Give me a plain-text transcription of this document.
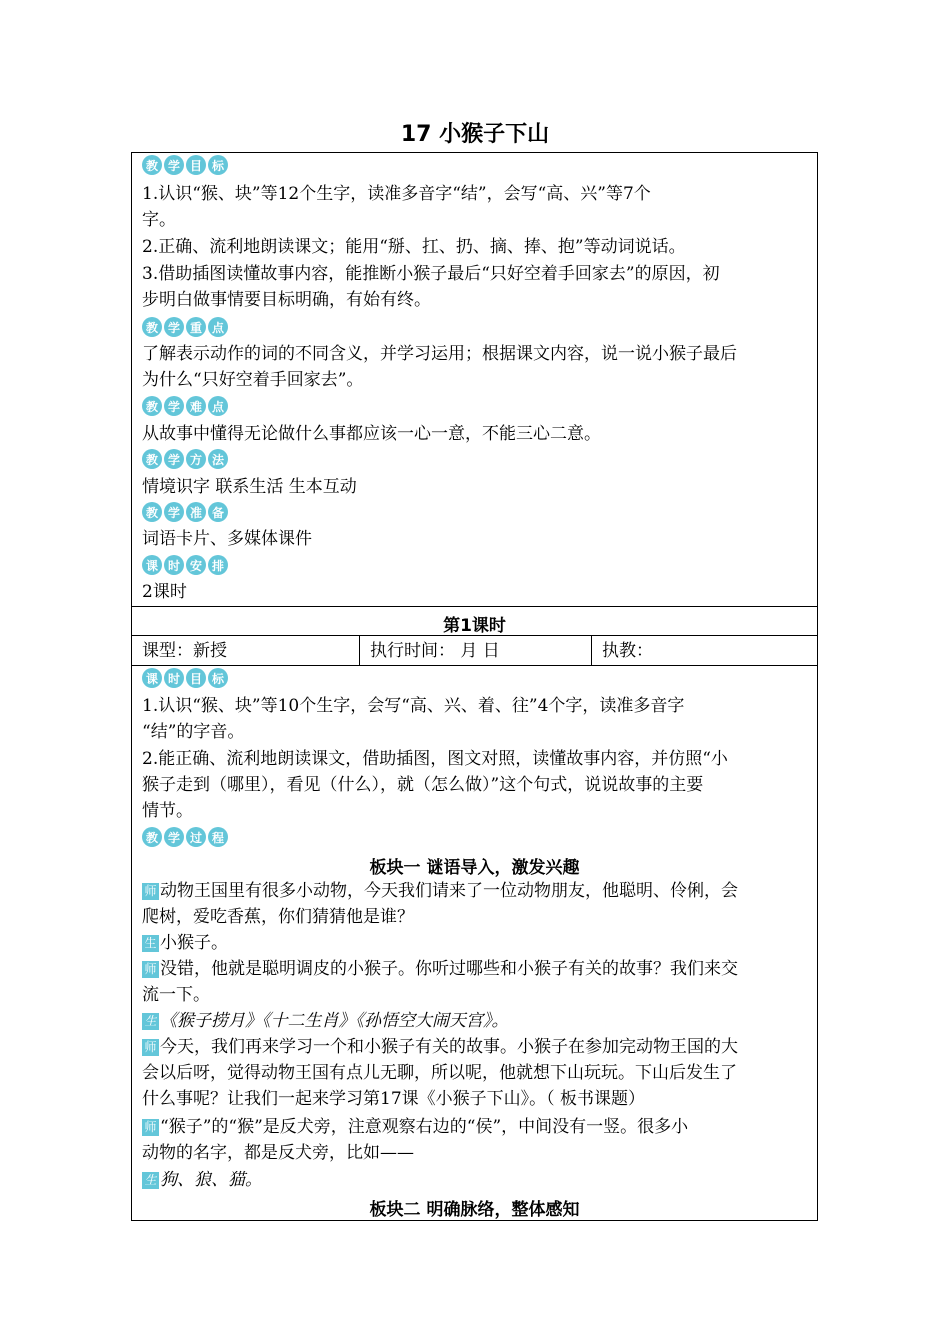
17 小猴子下山
教 学 目 标
1.认识“猴、块”等12个生字，读准多音字“结”，会写“高、兴”等7个
字。
2.正确、流利地朗读课文；能用“掰、扛、扔、摘、捧、抱”等动词说话。
3.借助插图读懂故事内容，能推断小猴子最后“只好空着手回家去”的原因，初
步明白做事情要目标明确，有始有终。
教 学 重 点
了解表示动作的词的不同含义，并学习运用；根据课文内容，说一说小猴子最后
为什么“只好空着手回家去”。
教 学 难 点
从故事中懂得无论做什么事都应该一心一意，不能三心二意。
教 学 方 法
情境识字 联系生活 生本互动
教 学 准 备
词语卡片、多媒体课件
课 时 安 排
2课时
第1课时
课型：新授	执行时间： 月 日	执教：
课 时 目 标
1.认识“猴、块”等10个生字，会写“高、兴、着、往”4个字，读准多音字
“结”的字音。
2.能正确、流利地朗读课文，借助插图，图文对照，读懂故事内容，并仿照“小
猴子走到（哪里），看见（什么），就（怎么做）”这个句式，说说故事的主要
情节。
教 学 过 程
板块一 谜语导入，激发兴趣
师 动物王国里有很多小动物，今天我们请来了一位动物朋友，他聪明、伶俐，会
爬树，爱吃香蕉，你们猜猜他是谁？
生 小猴子。
师 没错，他就是聪明调皮的小猴子。你听过哪些和小猴子有关的故事？我们来交
流一下。
生 《猴子捞月》《十二生肖》《孙悟空大闹天宫》。
师 今天，我们再来学习一个和小猴子有关的故事。小猴子在参加完动物王国的大
会以后呀，觉得动物王国有点儿无聊，所以呢，他就想下山玩玩。下山后发生了
什么事呢？让我们一起来学习第17课《小猴子下山》。（ 板书课题）
师 “猴子”的“猴”是反犬旁，注意观察右边的“侯”，中间没有一竖。很多小
动物的名字，都是反犬旁，比如——
生 狗、狼、猫。
板块二 明确脉络，整体感知
